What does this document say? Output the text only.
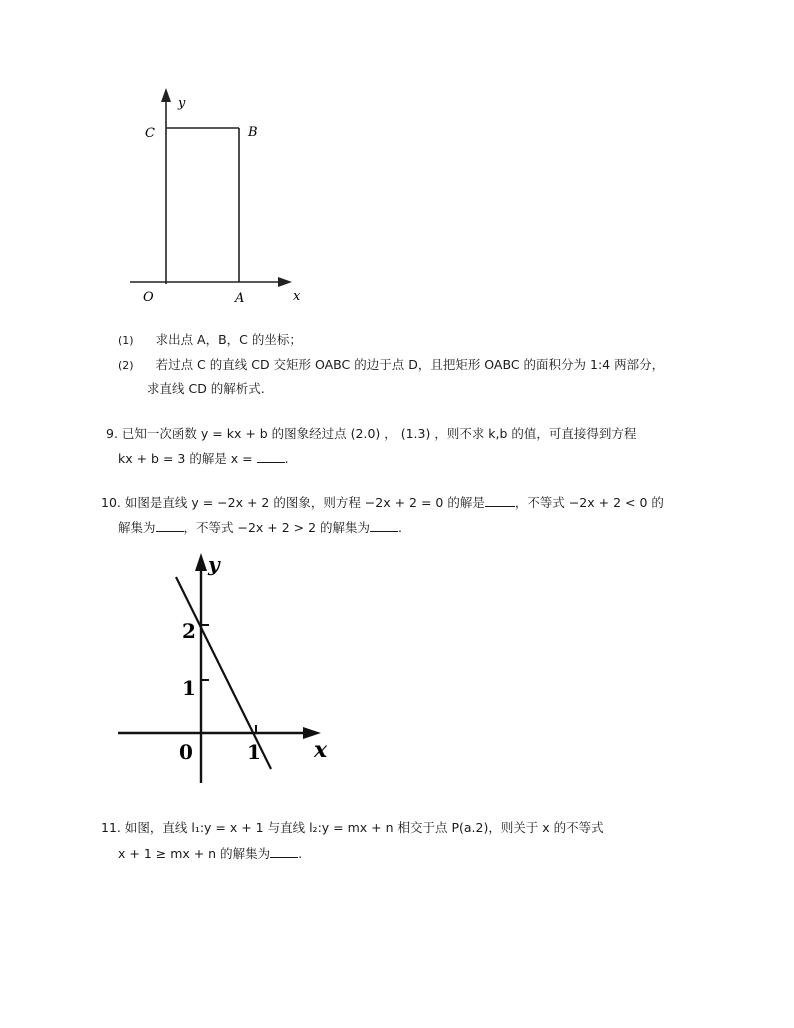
y
C	B
O	A	x
(1) 求出点 A，B，C 的坐标；
(2) 若过点 C 的直线 CD 交矩形 OABC 的边于点 D，且把矩形 OABC 的面积分为 1:4 两部分，
求直线 CD 的解析式.
9. 已知一次函数 y = kx + b 的图象经过点 (2.0) ， (1.3) ，则不求 k,b 的值，可直接得到方程
kx + b = 3 的解是 x = .
10. 如图是直线 y = −2x + 2 的图象，则方程 −2x + 2 = 0 的解是 ，不等式 −2x + 2 < 0 的
解集为 ，不等式 −2x + 2 > 2 的解集为 .
y
2
1
0	1 x
11. 如图，直线 l₁:y = x + 1 与直线 l₂:y = mx + n 相交于点 P(a.2)，则关于 x 的不等式
x + 1 ≥ mx + n 的解集为 .
